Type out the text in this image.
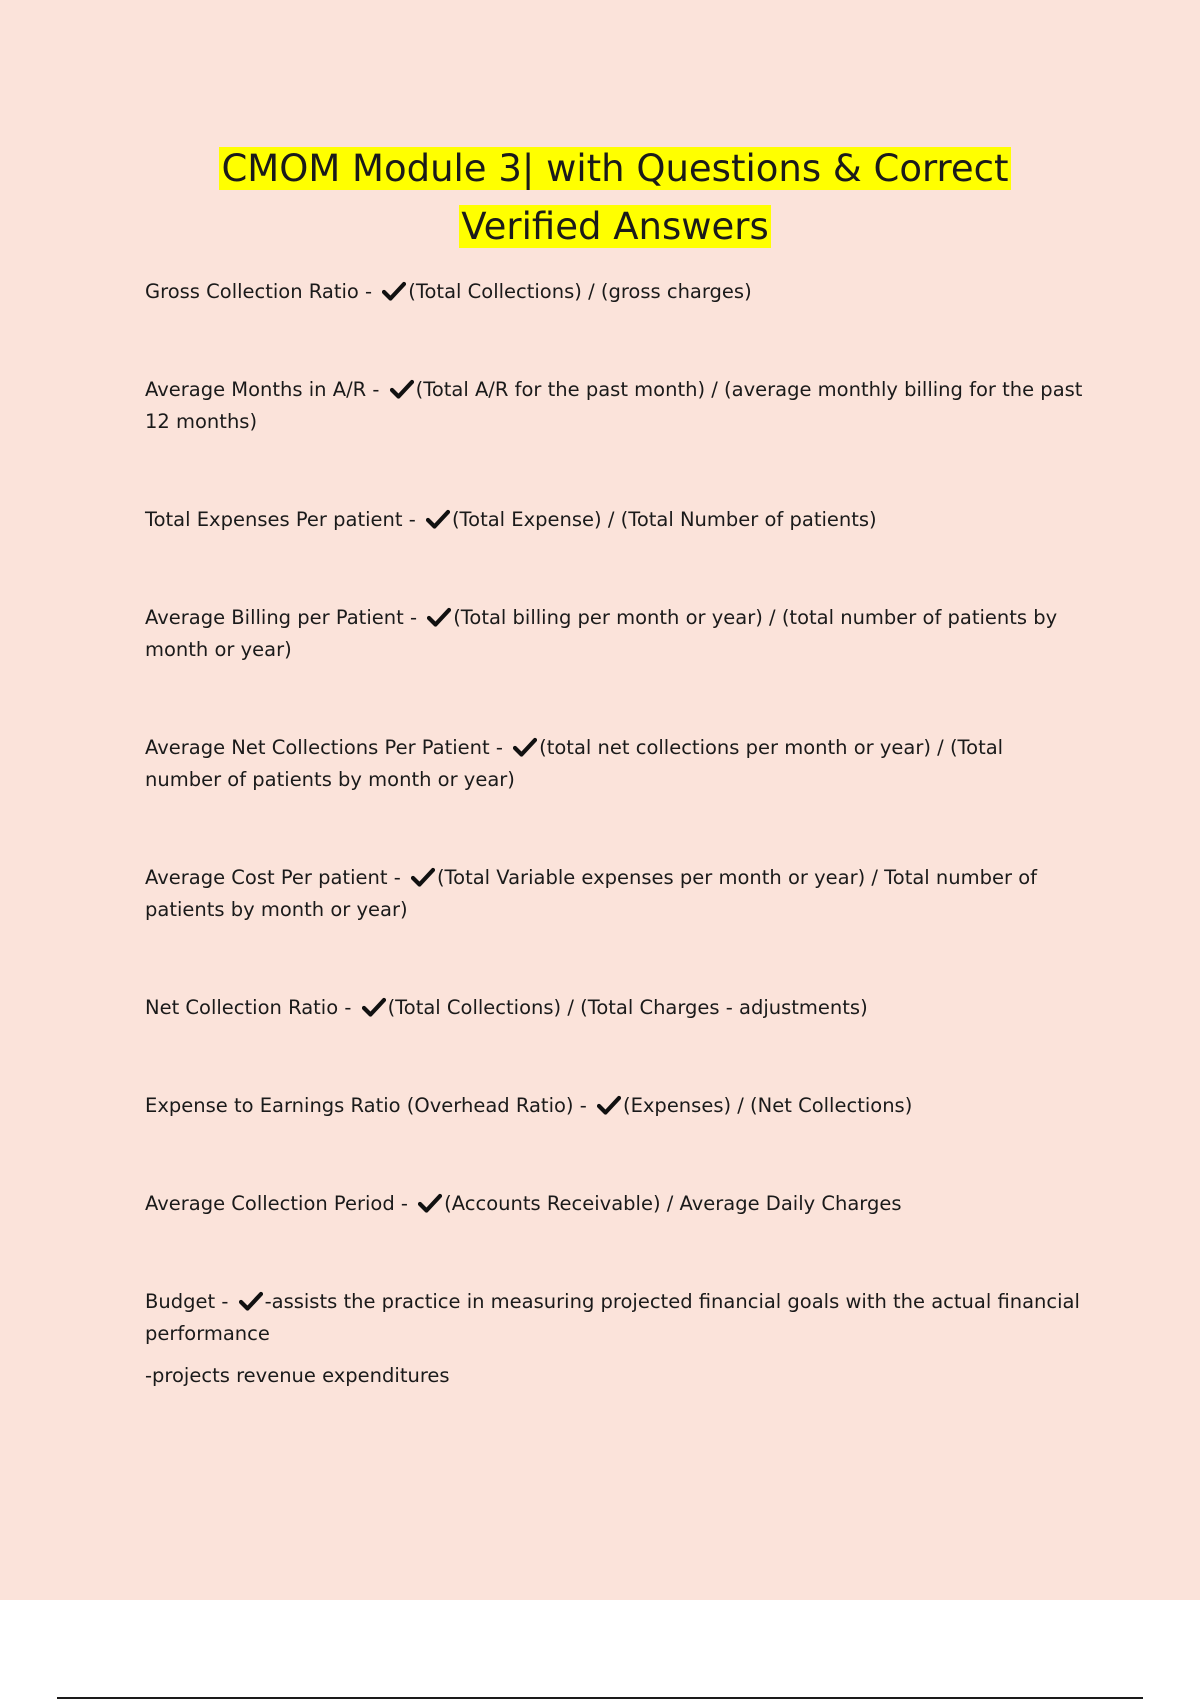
CMOM Module 3| with Questions & Correct
Verified Answers

Gross Collection Ratio -
(Total Collections) / (gross charges)

Average Months in A/R -
(Total A/R for the past month) / (average monthly billing for the past 12 months)

Total Expenses Per patient -
(Total Expense) / (Total Number of patients)

Average Billing per Patient -
(Total billing per month or year) / (total number of patients by month or year)

Average Net Collections Per Patient -
(total net collections per month or year) / (Total number of patients by month or year)

Average Cost Per patient -
(Total Variable expenses per month or year) / Total number of patients by month or year)

Net Collection Ratio -
(Total Collections) / (Total Charges - adjustments)

Expense to Earnings Ratio (Overhead Ratio) -
(Expenses) / (Net Collections)

Average Collection Period -
(Accounts Receivable) / Average Daily Charges

Budget -
-assists the practice in measuring projected financial goals with the actual financial performance

-projects revenue expenditures
